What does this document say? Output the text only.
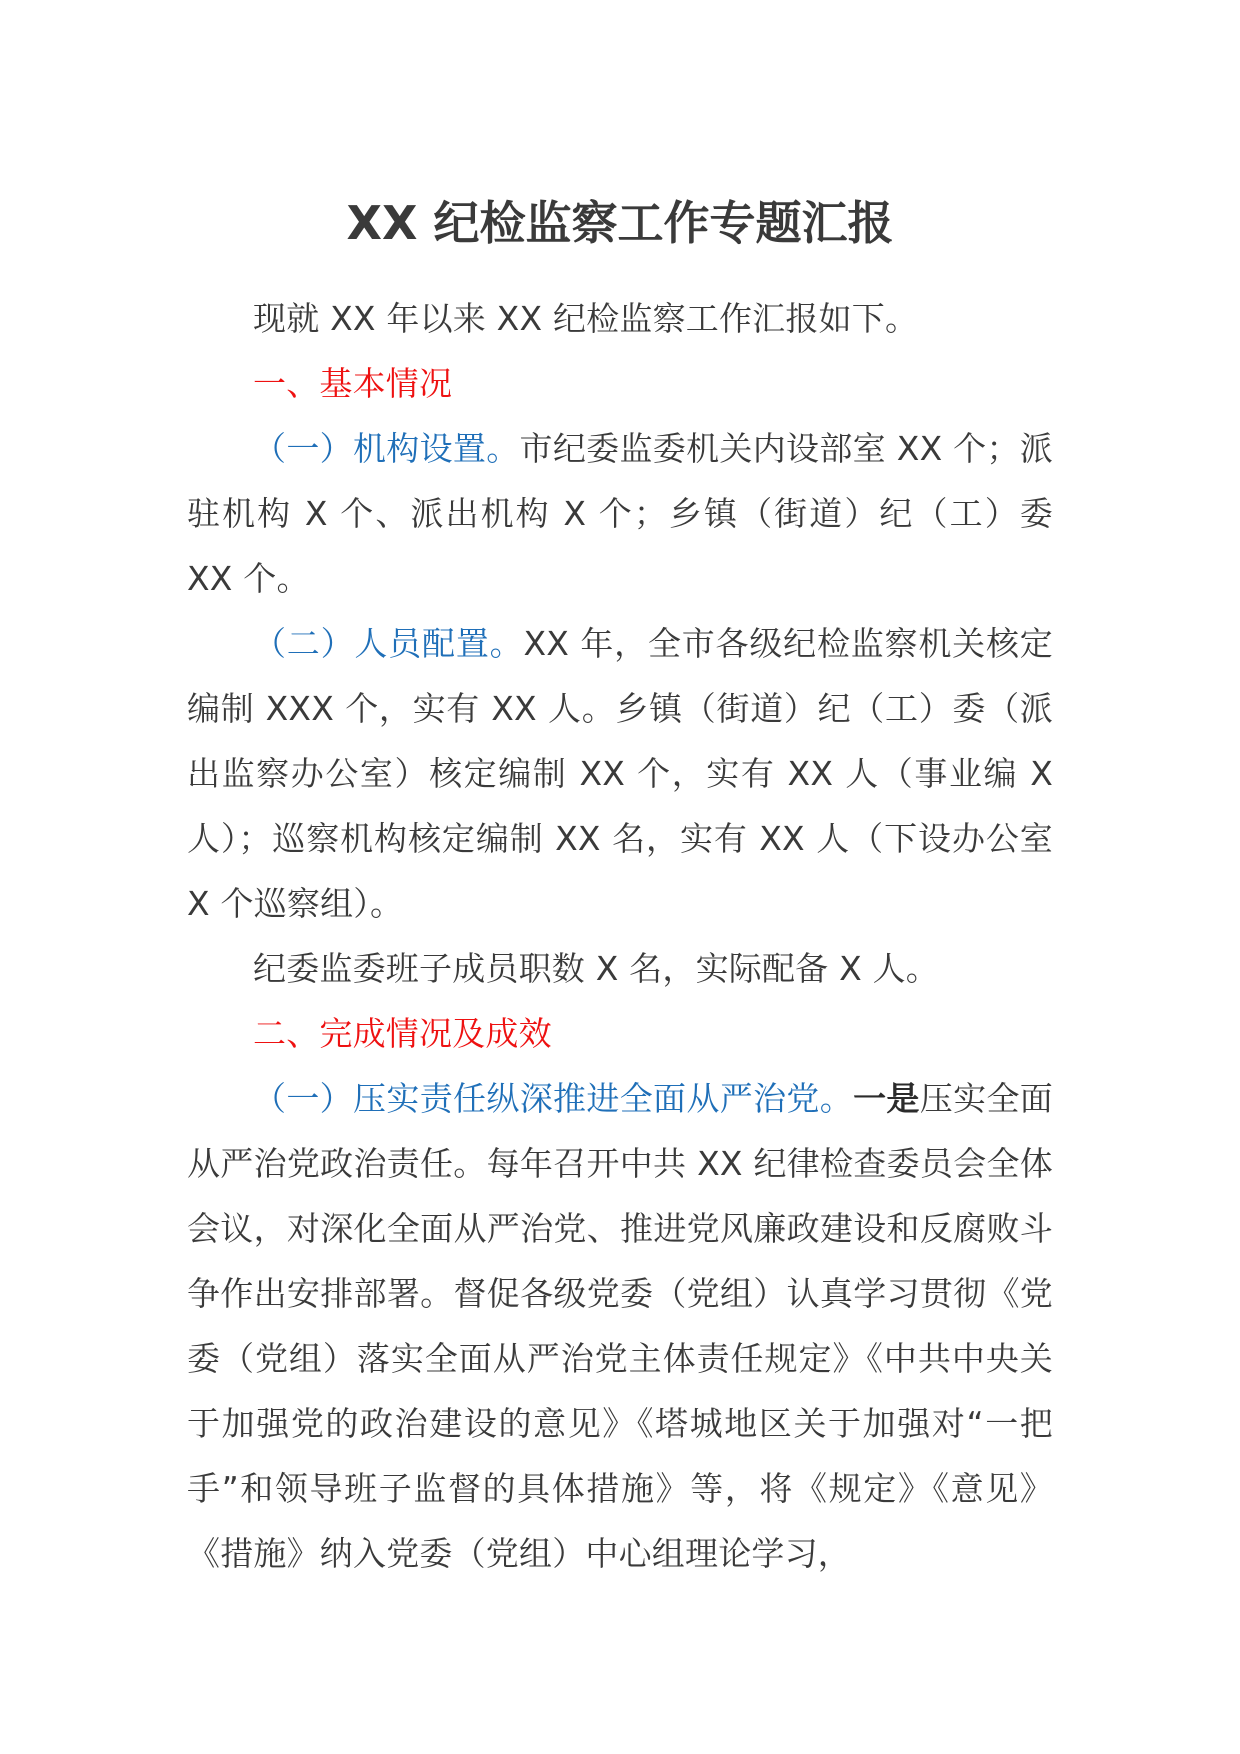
XX 纪检监察工作专题汇报

现就 XX 年以来 XX 纪检监察工作汇报如下。

一、基本情况

（一）机构设置。市纪委监委机关内设部室 XX 个；派驻机构 X 个、派出机构 X 个；乡镇（街道）纪（工）委 XX 个。

（二）人员配置。XX 年，全市各级纪检监察机关核定编制 XXX 个，实有 XX 人。乡镇（街道）纪（工）委（派出监察办公室）核定编制 XX 个，实有 XX 人（事业编 X 人）；巡察机构核定编制 XX 名，实有 XX 人（下设办公室 X 个巡察组）。

纪委监委班子成员职数 X 名，实际配备 X 人。

二、完成情况及成效

（一）压实责任纵深推进全面从严治党。一是压实全面从严治党政治责任。每年召开中共 XX 纪律检查委员会全体会议，对深化全面从严治党、推进党风廉政建设和反腐败斗争作出安排部署。督促各级党委（党组）认真学习贯彻《党委（党组）落实全面从严治党主体责任规定》《中共中央关于加强党的政治建设的意见》《塔城地区关于加强对“一把手”和领导班子监督的具体措施》等，将《规定》《意见》《措施》纳入党委（党组）中心组理论学习，
